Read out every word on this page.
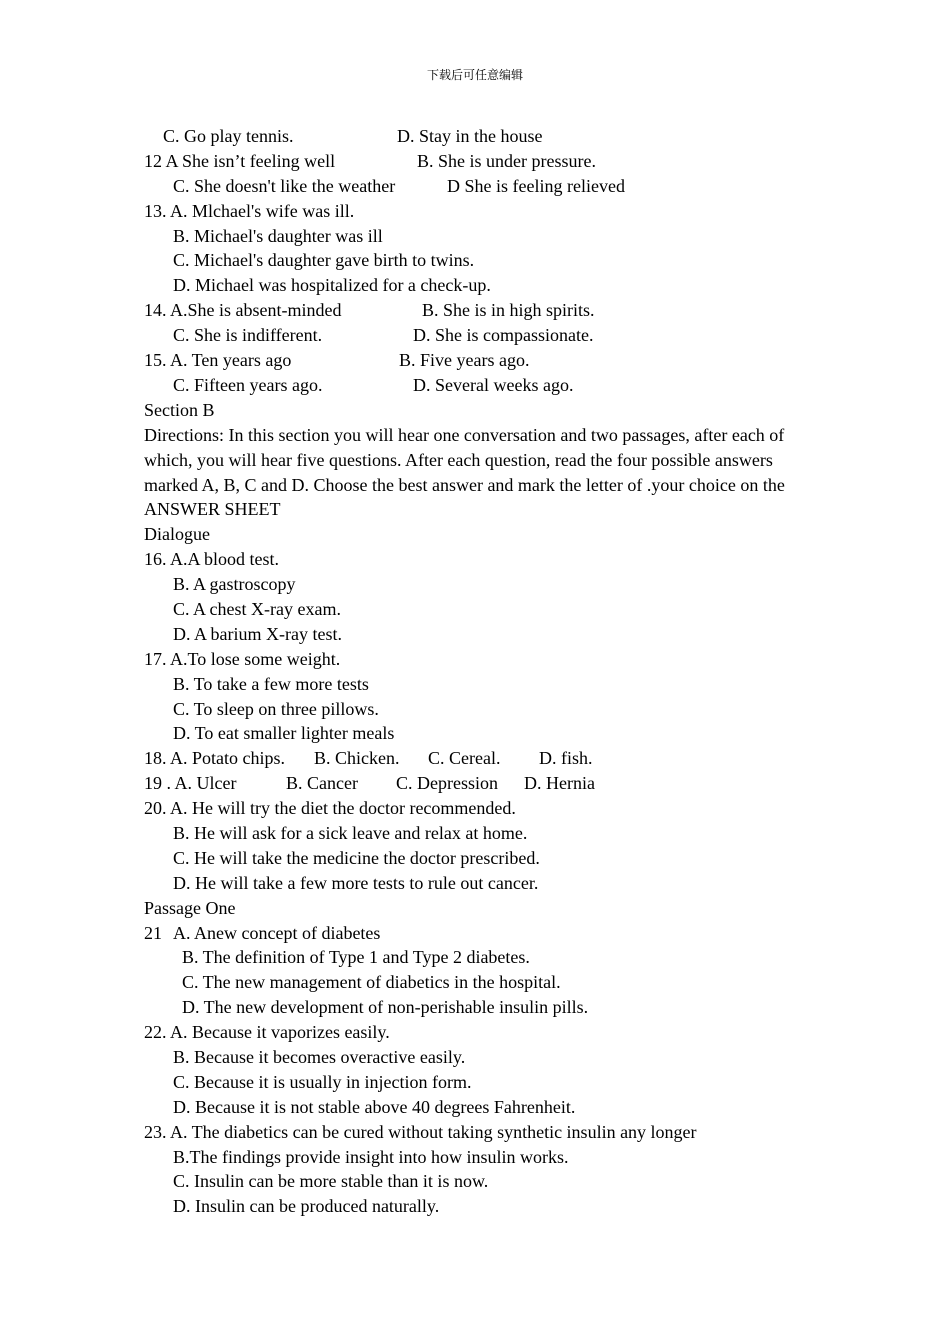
下载后可任意编辑
C. Go play tennis.	D. Stay in the house
12 A She isn’t feeling well	B. She is under pressure.
C. She doesn't like the weather	D She is feeling relieved
13. A. Mlchael's wife was ill.
B. Michael's daughter was ill
C. Michael's daughter gave birth to twins.
D. Michael was hospitalized for a check-up.
14. A.She is absent-minded	B. She is in high spirits.
C. She is indifferent.	D. She is compassionate.
15. A. Ten years ago	B. Five years ago.
C. Fifteen years ago.	D. Several weeks ago.
Section B
Directions: In this section you will hear one conversation and two passages, after each of which, you will hear five questions. After each question, read the four possible answers marked A, B, C and D. Choose the best answer and mark the letter of .your choice on the ANSWER SHEET
Dialogue
16. A.A blood test.
B. A gastroscopy
C. A chest X-ray exam.
D. A barium X-ray test.
17. A.To lose some weight.
B. To take a few more tests
C. To sleep on three pillows.
D. To eat smaller lighter meals
18. A. Potato chips. B. Chicken. C. Cereal. D. fish.
19 . A. Ulcer	B. Cancer C. Depression D. Hernia
20. A. He will try the diet the doctor recommended.
B. He will ask for a sick leave and relax at home.
C. He will take the medicine the doctor prescribed.
D. He will take a few more tests to rule out cancer.
Passage One
21 A. Anew concept of diabetes
B. The definition of Type 1 and Type 2 diabetes.
C. The new management of diabetics in the hospital.
D. The new development of non-perishable insulin pills.
22. A. Because it vaporizes easily.
B. Because it becomes overactive easily.
C. Because it is usually in injection form.
D. Because it is not stable above 40 degrees Fahrenheit.
23. A. The diabetics can be cured without taking synthetic insulin any longer
B.The findings provide insight into how insulin works.
C. Insulin can be more stable than it is now.
D. Insulin can be produced naturally.
